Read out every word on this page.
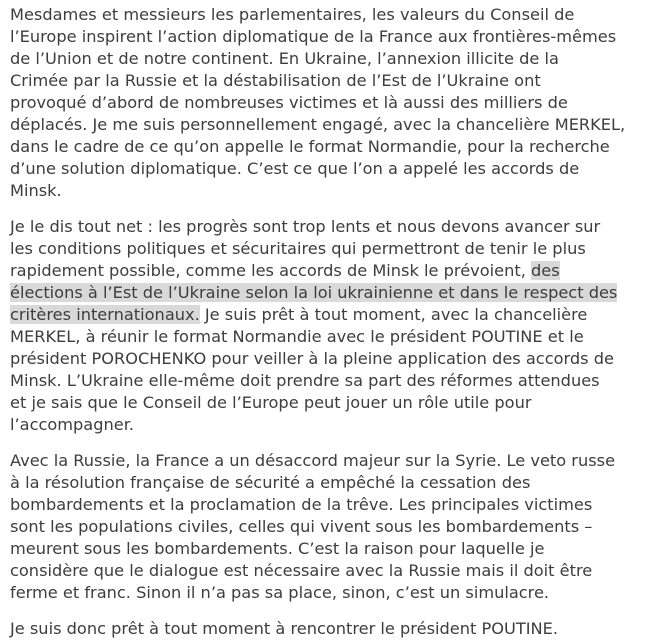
Mesdames et messieurs les parlementaires, les valeurs du Conseil de
l’Europe inspirent l’action diplomatique de la France aux frontières-mêmes
de l’Union et de notre continent. En Ukraine, l’annexion illicite de la
Crimée par la Russie et la déstabilisation de l’Est de l’Ukraine ont
provoqué d’abord de nombreuses victimes et là aussi des milliers de
déplacés. Je me suis personnellement engagé, avec la chancelière MERKEL,
dans le cadre de ce qu’on appelle le format Normandie, pour la recherche
d’une solution diplomatique. C’est ce que l’on a appelé les accords de
Minsk.

Je le dis tout net : les progrès sont trop lents et nous devons avancer sur
les conditions politiques et sécuritaires qui permettront de tenir le plus
rapidement possible, comme les accords de Minsk le prévoient, des
élections à l’Est de l’Ukraine selon la loi ukrainienne et dans le respect des
critères internationaux. Je suis prêt à tout moment, avec la chancelière
MERKEL, à réunir le format Normandie avec le président POUTINE et le
président POROCHENKO pour veiller à la pleine application des accords de
Minsk. L’Ukraine elle-même doit prendre sa part des réformes attendues
et je sais que le Conseil de l’Europe peut jouer un rôle utile pour
l’accompagner.

Avec la Russie, la France a un désaccord majeur sur la Syrie. Le veto russe
à la résolution française de sécurité a empêché la cessation des
bombardements et la proclamation de la trêve. Les principales victimes
sont les populations civiles, celles qui vivent sous les bombardements –
meurent sous les bombardements. C’est la raison pour laquelle je
considère que le dialogue est nécessaire avec la Russie mais il doit être
ferme et franc. Sinon il n’a pas sa place, sinon, c’est un simulacre.

Je suis donc prêt à tout moment à rencontrer le président POUTINE.
